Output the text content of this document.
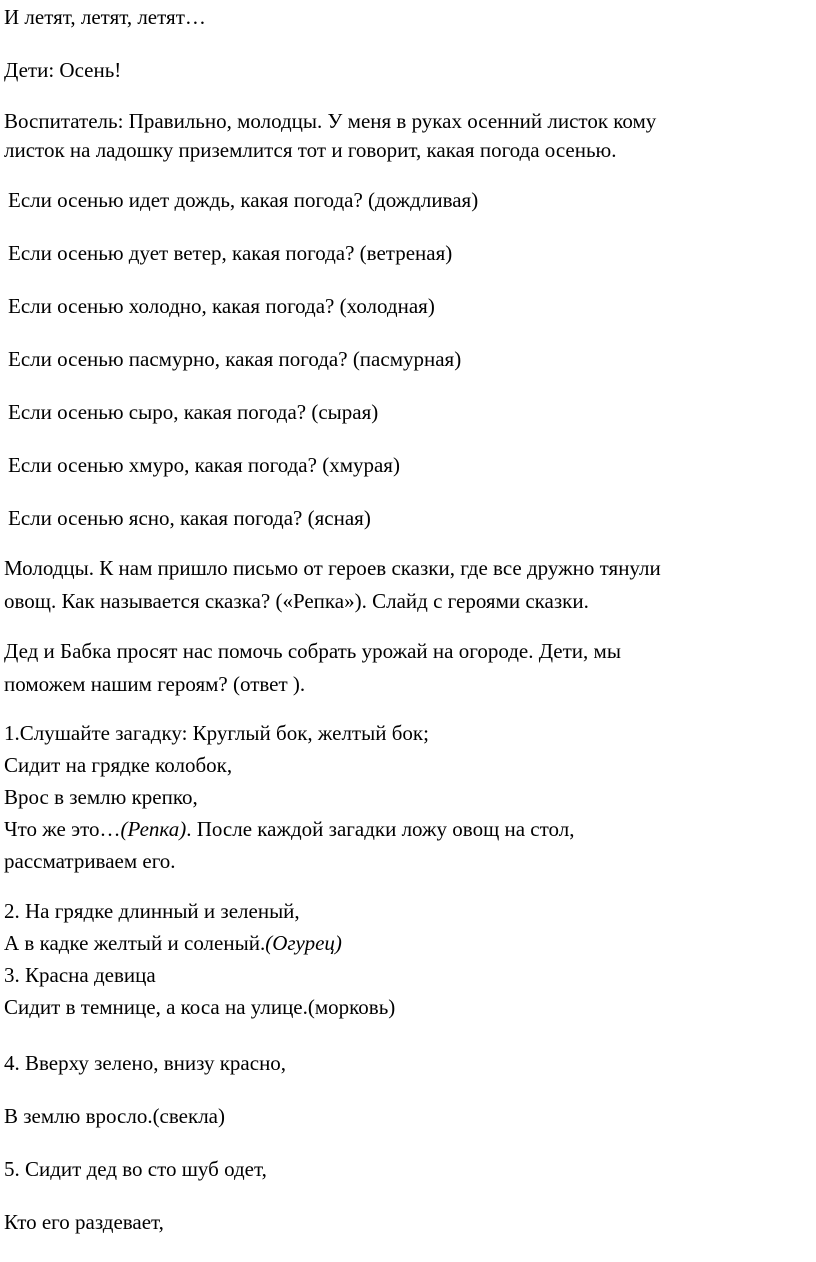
И летят, летят, летят…

Дети: Осень!

Воспитатель: Правильно, молодцы. У меня в руках осенний листок кому

листок на ладошку приземлится тот и говорит, какая погода осенью.

Если осенью идет дождь, какая погода? (дождливая)

Если осенью дует ветер, какая погода? (ветреная)

Если осенью холодно, какая погода? (холодная)

Если осенью пасмурно, какая погода? (пасмурная)

Если осенью сыро, какая погода? (сырая)

Если осенью хмуро, какая погода? (хмурая)

Если осенью ясно, какая погода? (ясная)

Молодцы. К нам пришло письмо от героев сказки, где все дружно тянули

овощ. Как называется сказка? («Репка»). Слайд с героями сказки.

Дед и Бабка просят нас помочь собрать урожай на огороде. Дети, мы

поможем нашим героям? (ответ ).

1.Слушайте загадку: Круглый бок, желтый бок;

Сидит на грядке колобок,

Врос в землю крепко,

Что же это…(Репка). После каждой загадки ложу овощ на стол,

рассматриваем его.

2. На грядке длинный и зеленый,

А в кадке желтый и соленый.(Огурец)

3. Красна девица

Сидит в темнице, а коса на улице.(морковь)

4. Вверху зелено, внизу красно,

В землю вросло.(свекла)

5. Сидит дед во сто шуб одет,

Кто его раздевает,
